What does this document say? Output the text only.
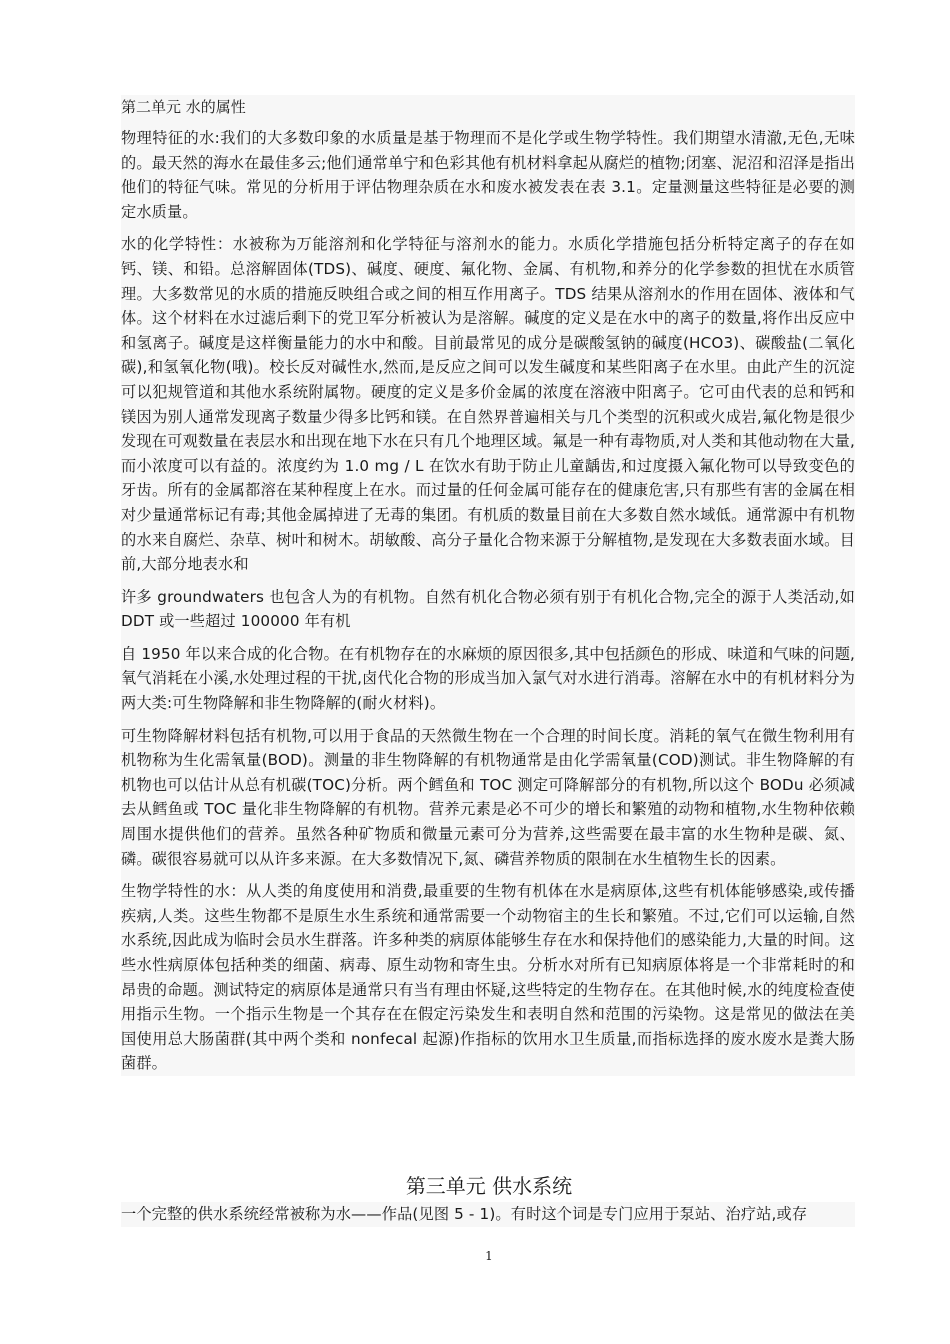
第二单元 水的属性

物理特征的水:我们的大多数印象的水质量是基于物理而不是化学或生物学特性。我们期望水清澈,无色,无味的。最天然的海水在最佳多云;他们通常单宁和色彩其他有机材料拿起从腐烂的植物;闭塞、泥沼和沼泽是指出他们的特征气味。常见的分析用于评估物理杂质在水和废水被发表在表 3.1。定量测量这些特征是必要的测定水质量。

水的化学特性：水被称为万能溶剂和化学特征与溶剂水的能力。水质化学措施包括分析特定离子的存在如钙、镁、和铅。总溶解固体(TDS)、碱度、硬度、氟化物、金属、有机物,和养分的化学参数的担忧在水质管理。大多数常见的水质的措施反映组合或之间的相互作用离子。TDS 结果从溶剂水的作用在固体、液体和气体。这个材料在水过滤后剩下的党卫军分析被认为是溶解。碱度的定义是在水中的离子的数量,将作出反应中和氢离子。碱度是这样衡量能力的水中和酸。目前最常见的成分是碳酸氢钠的碱度(HCO3)、碳酸盐(二氧化碳),和氢氧化物(哦)。校长反对碱性水,然而,是反应之间可以发生碱度和某些阳离子在水里。由此产生的沉淀可以犯规管道和其他水系统附属物。硬度的定义是多价金属的浓度在溶液中阳离子。它可由代表的总和钙和镁因为别人通常发现离子数量少得多比钙和镁。在自然界普遍相关与几个类型的沉积或火成岩,氟化物是很少发现在可观数量在表层水和出现在地下水在只有几个地理区域。氟是一种有毒物质,对人类和其他动物在大量,而小浓度可以有益的。浓度约为 1.0 mg / L 在饮水有助于防止儿童龋齿,和过度摄入氟化物可以导致变色的牙齿。所有的金属都溶在某种程度上在水。而过量的任何金属可能存在的健康危害,只有那些有害的金属在相对少量通常标记有毒;其他金属掉进了无毒的集团。有机质的数量目前在大多数自然水域低。通常源中有机物的水来自腐烂、杂草、树叶和树木。胡敏酸、高分子量化合物来源于分解植物,是发现在大多数表面水域。目前,大部分地表水和

许多 groundwaters 也包含人为的有机物。自然有机化合物必须有别于有机化合物,完全的源于人类活动,如 DDT 或一些超过 100000 年有机

自 1950 年以来合成的化合物。在有机物存在的水麻烦的原因很多,其中包括颜色的形成、味道和气味的问题,氧气消耗在小溪,水处理过程的干扰,卤代化合物的形成当加入氯气对水进行消毒。溶解在水中的有机材料分为两大类:可生物降解和非生物降解的(耐火材料)。

可生物降解材料包括有机物,可以用于食品的天然微生物在一个合理的时间长度。消耗的氧气在微生物利用有机物称为生化需氧量(BOD)。测量的非生物降解的有机物通常是由化学需氧量(COD)测试。非生物降解的有机物也可以估计从总有机碳(TOC)分析。两个鳕鱼和 TOC 测定可降解部分的有机物,所以这个 BODu 必须减去从鳕鱼或 TOC 量化非生物降解的有机物。营养元素是必不可少的增长和繁殖的动物和植物,水生物种依赖周围水提供他们的营养。虽然各种矿物质和微量元素可分为营养,这些需要在最丰富的水生物种是碳、氮、磷。碳很容易就可以从许多来源。在大多数情况下,氮、磷营养物质的限制在水生植物生长的因素。

生物学特性的水：从人类的角度使用和消费,最重要的生物有机体在水是病原体,这些有机体能够感染,或传播疾病,人类。这些生物都不是原生水生系统和通常需要一个动物宿主的生长和繁殖。不过,它们可以运输,自然水系统,因此成为临时会员水生群落。许多种类的病原体能够生存在水和保持他们的感染能力,大量的时间。这些水性病原体包括种类的细菌、病毒、原生动物和寄生虫。分析水对所有已知病原体将是一个非常耗时的和昂贵的命题。测试特定的病原体是通常只有当有理由怀疑,这些特定的生物存在。在其他时候,水的纯度检查使用指示生物。一个指示生物是一个其存在在假定污染发生和表明自然和范围的污染物。这是常见的做法在美国使用总大肠菌群(其中两个类和 nonfecal 起源)作指标的饮用水卫生质量,而指标选择的废水废水是粪大肠菌群。

第三单元 供水系统
一个完整的供水系统经常被称为水——作品(见图 5 - 1)。有时这个词是专门应用于泵站、治疗站,或存
1
